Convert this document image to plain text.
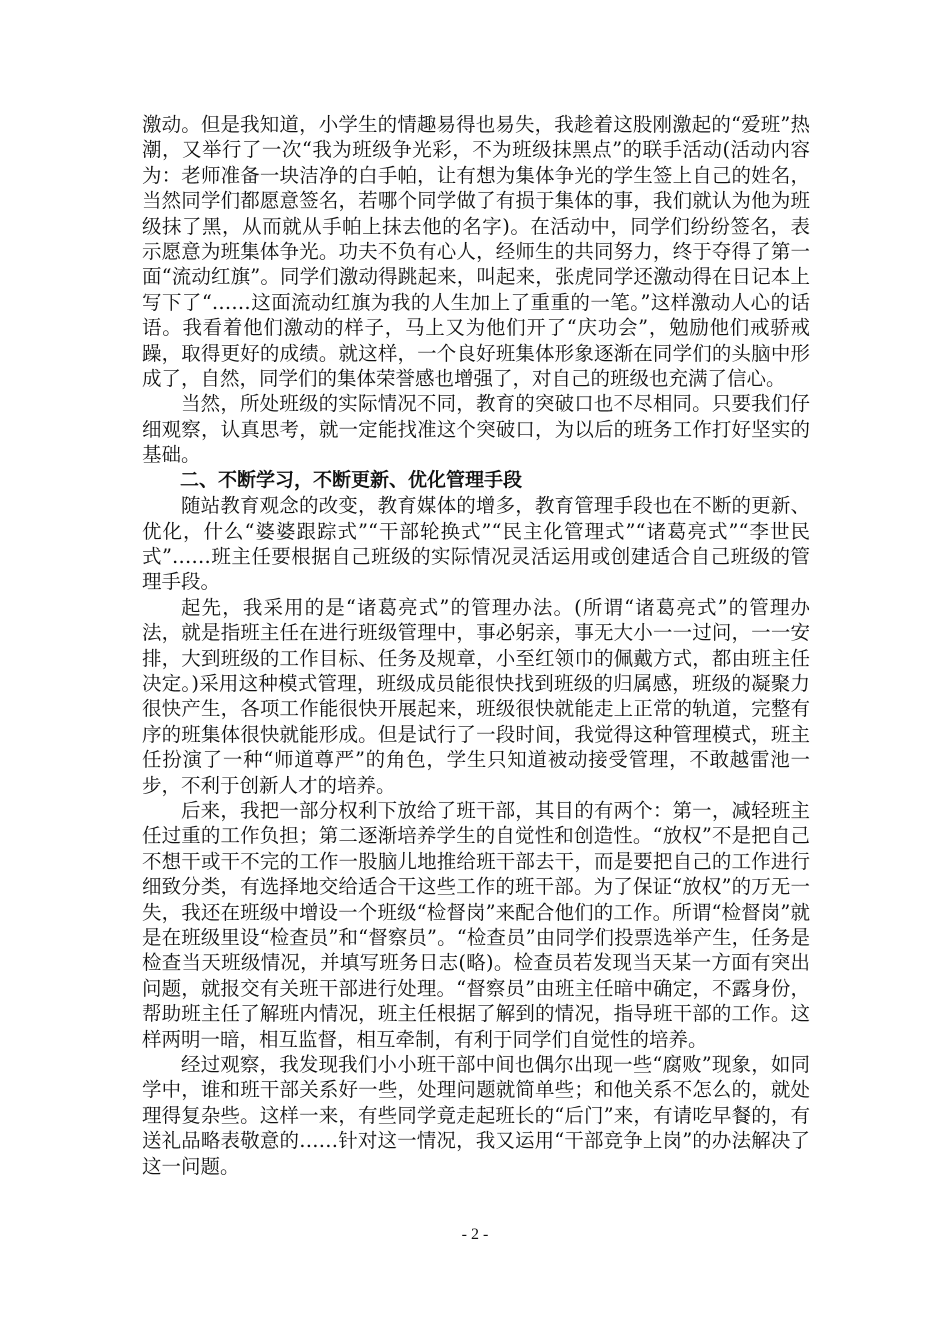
激动。但是我知道，小学生的情趣易得也易失，我趁着这股刚激起的“爱班”热潮，又举行了一次“我为班级争光彩，不为班级抹黑点”的联手活动(活动内容为：老师准备一块洁净的白手帕，让有想为集体争光的学生签上自己的姓名，当然同学们都愿意签名，若哪个同学做了有损于集体的事，我们就认为他为班级抹了黑，从而就从手帕上抹去他的名字)。在活动中，同学们纷纷签名，表示愿意为班集体争光。功夫不负有心人，经师生的共同努力，终于夺得了第一面“流动红旗”。同学们激动得跳起来，叫起来，张虎同学还激动得在日记本上写下了“……这面流动红旗为我的人生加上了重重的一笔。”这样激动人心的话语。我看着他们激动的样子，马上又为他们开了“庆功会”，勉励他们戒骄戒躁，取得更好的成绩。就这样，一个良好班集体形象逐渐在同学们的头脑中形成了，自然，同学们的集体荣誉感也增强了，对自己的班级也充满了信心。

当然，所处班级的实际情况不同，教育的突破口也不尽相同。只要我们仔细观察，认真思考，就一定能找准这个突破口，为以后的班务工作打好坚实的基础。

二、不断学习，不断更新、优化管理手段

随站教育观念的改变，教育媒体的增多，教育管理手段也在不断的更新、优化，什么“婆婆跟踪式”“干部轮换式”“民主化管理式”“诸葛亮式”“李世民式”……班主任要根据自己班级的实际情况灵活运用或创建适合自己班级的管理手段。

起先，我采用的是“诸葛亮式”的管理办法。(所谓“诸葛亮式”的管理办法，就是指班主任在进行班级管理中，事必躬亲，事无大小一一过问，一一安排，大到班级的工作目标、任务及规章，小至红领巾的佩戴方式，都由班主任决定。)采用这种模式管理，班级成员能很快找到班级的归属感，班级的凝聚力很快产生，各项工作能很快开展起来，班级很快就能走上正常的轨道，完整有序的班集体很快就能形成。但是试行了一段时间，我觉得这种管理模式，班主任扮演了一种“师道尊严”的角色，学生只知道被动接受管理，不敢越雷池一步，不利于创新人才的培养。

后来，我把一部分权利下放给了班干部，其目的有两个：第一，减轻班主任过重的工作负担；第二逐渐培养学生的自觉性和创造性。“放权”不是把自己不想干或干不完的工作一股脑儿地推给班干部去干，而是要把自己的工作进行细致分类，有选择地交给适合干这些工作的班干部。为了保证“放权”的万无一失，我还在班级中增设一个班级“检督岗”来配合他们的工作。所谓“检督岗”就是在班级里设“检查员”和“督察员”。“检查员”由同学们投票选举产生，任务是检查当天班级情况，并填写班务日志(略)。检查员若发现当天某一方面有突出问题，就报交有关班干部进行处理。“督察员”由班主任暗中确定，不露身份，帮助班主任了解班内情况，班主任根据了解到的情况，指导班干部的工作。这样两明一暗，相互监督，相互牵制，有利于同学们自觉性的培养。

经过观察，我发现我们小小班干部中间也偶尔出现一些“腐败”现象，如同学中，谁和班干部关系好一些，处理问题就简单些；和他关系不怎么的，就处理得复杂些。这样一来，有些同学竟走起班长的“后门”来，有请吃早餐的，有送礼品略表敬意的……针对这一情况，我又运用“干部竞争上岗”的办法解决了这一问题。

- 2 -
